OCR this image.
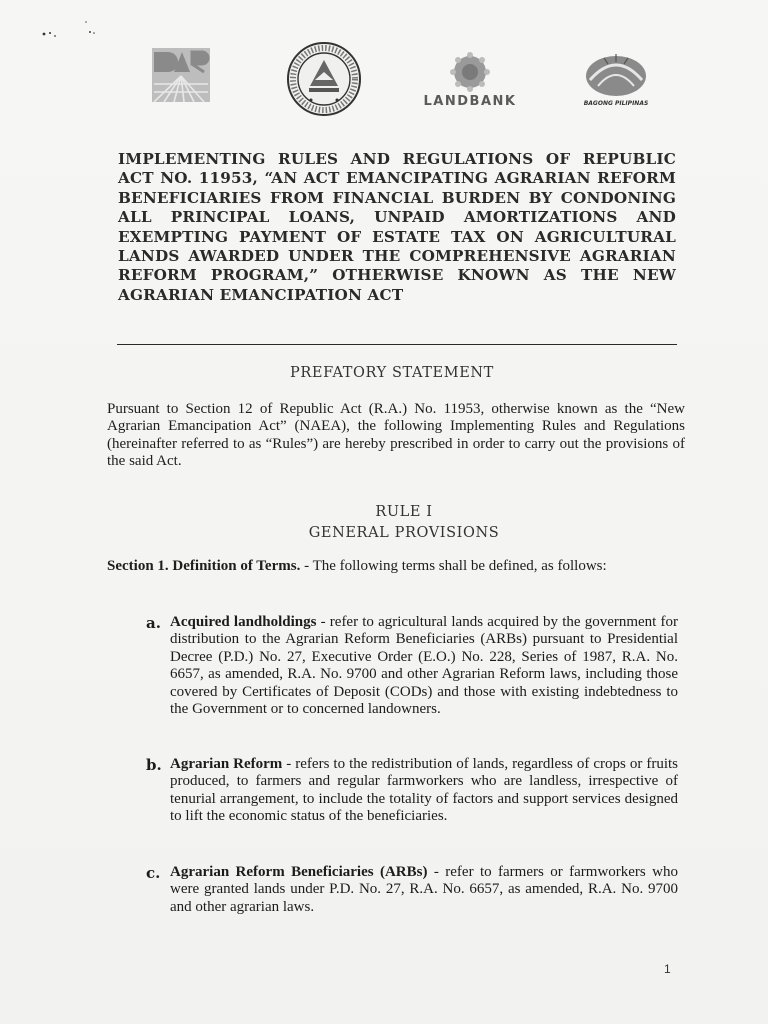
LANDBANK	BAGONG PILIPINAS
IMPLEMENTING RULES AND REGULATIONS OF REPUBLIC ACT NO. 11953, “AN ACT EMANCIPATING AGRARIAN REFORM BENEFICIARIES FROM FINANCIAL BURDEN BY CONDONING ALL PRINCIPAL LOANS, UNPAID AMORTIZATIONS AND EXEMPTING PAYMENT OF ESTATE TAX ON AGRICULTURAL LANDS AWARDED UNDER THE COMPREHENSIVE AGRARIAN REFORM PROGRAM,” OTHERWISE KNOWN AS THE NEW AGRARIAN EMANCIPATION ACT
PREFATORY STATEMENT
Pursuant to Section 12 of Republic Act (R.A.) No. 11953, otherwise known as the “New Agrarian Emancipation Act” (NAEA), the following Implementing Rules and Regulations (hereinafter referred to as “Rules”) are hereby prescribed in order to carry out the provisions of the said Act.
RULE I
GENERAL PROVISIONS
Section 1. Definition of Terms. - The following terms shall be defined, as follows:
a. Acquired landholdings - refer to agricultural lands acquired by the government for distribution to the Agrarian Reform Beneficiaries (ARBs) pursuant to Presidential Decree (P.D.) No. 27, Executive Order (E.O.) No. 228, Series of 1987, R.A. No. 6657, as amended, R.A. No. 9700 and other Agrarian Reform laws, including those covered by Certificates of Deposit (CODs) and those with existing indebtedness to the Government or to concerned landowners.
b. Agrarian Reform - refers to the redistribution of lands, regardless of crops or fruits produced, to farmers and regular farmworkers who are landless, irrespective of tenurial arrangement, to include the totality of factors and support services designed to lift the economic status of the beneficiaries.
c. Agrarian Reform Beneficiaries (ARBs) - refer to farmers or farmworkers who were granted lands under P.D. No. 27, R.A. No. 6657, as amended, R.A. No. 9700 and other agrarian laws.
1
